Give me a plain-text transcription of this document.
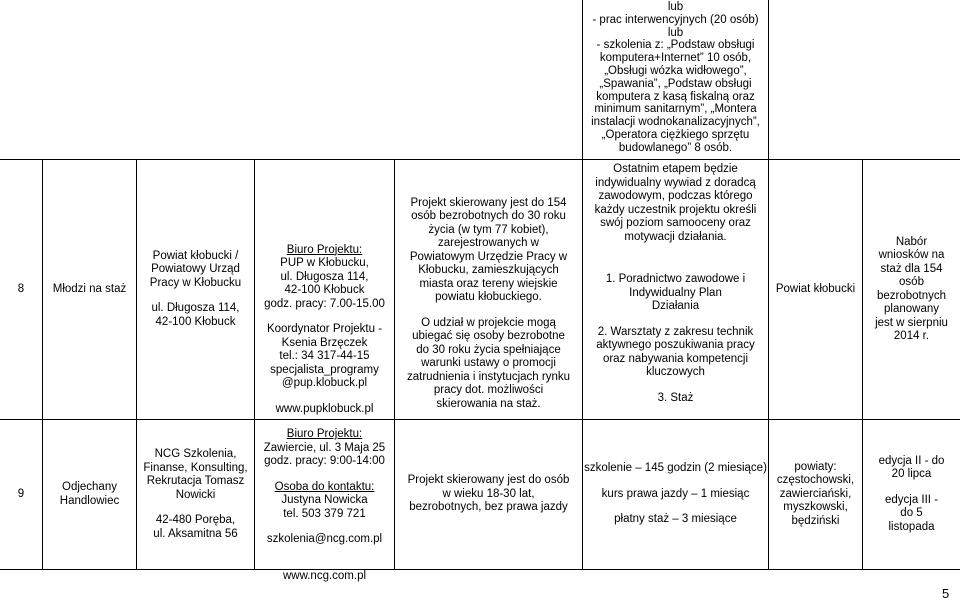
lub

- prac interwencyjnych (20 osób)

lub

- szkolenia z: „Podstaw obsługi

komputera+Internet” 10 osób,

„Obsługi wózka widłowego”,

„Spawania”, „Podstaw obsługi

komputera z kasą fiskalną oraz

minimum sanitarnym”, „Montera

instalacji wodnokanalizacyjnych”,

„Operatora ciężkiego sprzętu

budowlanego” 8 osób.

8 Młodzi na staż

Powiat kłobucki / Powiatowy Urząd Pracy w Kłobucku

ul. Długosza 114, 42-100 Kłobuck

Biuro Projektu:

PUP w Kłobucku,
ul. Długosza 114,
42-100 Kłobuck
godz. pracy: 7.00-15.00

Koordynator Projektu -
Ksenia Brzęczek
tel.: 34 317-44-15
specjalista_programy
@pup.klobuck.pl

www.pupklobuck.pl

Projekt skierowany jest do 154 osób bezrobotnych do 30 roku życia (w tym 77 kobiet), zarejestrowanych w Powiatowym Urzędzie Pracy w Kłobucku, zamieszkujących miasta oraz tereny wiejskie powiatu kłobuckiego.

O udział w projekcie mogą ubiegać się osoby bezrobotne do 30 roku życia spełniające warunki ustawy o promocji zatrudnienia i instytucjach rynku pracy dot. możliwości skierowania na staż.

Ostatnim etapem będzie indywidualny wywiad z doradcą zawodowym, podczas którego każdy uczestnik projektu określi swój poziom samooceny oraz motywacji działania.

1. Poradnictwo zawodowe i Indywidualny Plan Działania

2. Warsztaty z zakresu technik aktywnego poszukiwania pracy oraz nabywania kompetencji kluczowych

3. Staż

Powiat kłobucki

Nabór wniosków na staż dla 154 osób bezrobotnych planowany jest w sierpniu 2014 r.

9

Odjechany Handlowiec

NCG Szkolenia, Finanse, Konsulting, Rekrutacja Tomasz Nowicki

42-480 Poręba, ul. Aksamitna 56

Biuro Projektu:

Zawiercie, ul. 3 Maja 25
godz. pracy: 9:00-14:00

Osoba do kontaktu:

Justyna Nowicka
tel. 503 379 721

szkolenia@ncg.com.pl

www.ncg.com.pl

Projekt skierowany jest do osób w wieku 18-30 lat, bezrobotnych, bez prawa jazdy

szkolenie – 145 godzin (2 miesiące)

kurs prawa jazdy – 1 miesiąc

płatny staż – 3 miesiące

powiaty: częstochowski, zawierciański, myszkowski, będziński

edycja II - do 20 lipca

edycja III - do 5 listopada

5
